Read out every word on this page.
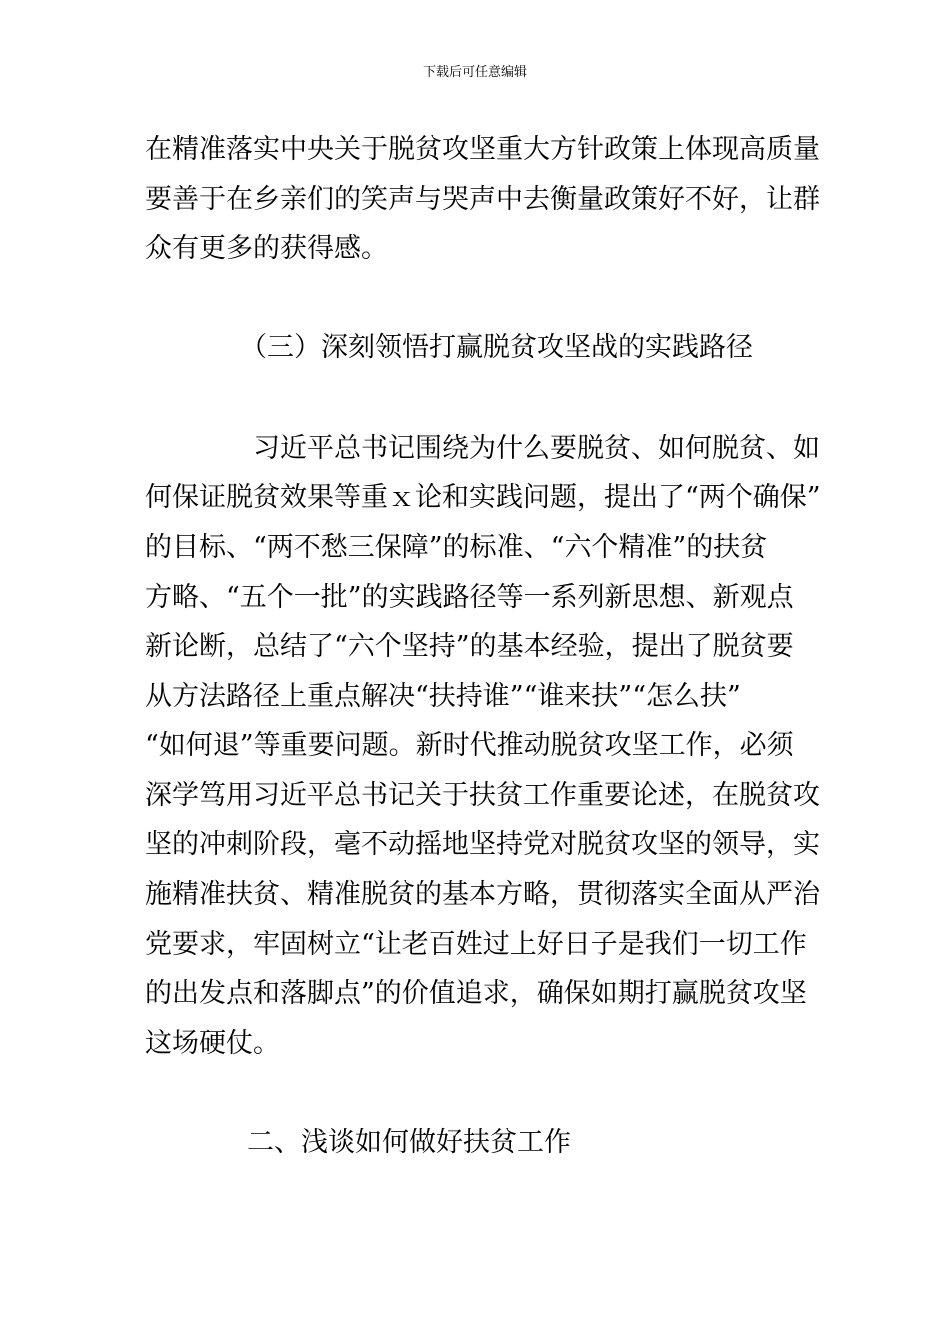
下载后可任意编辑
在精准落实中央关于脱贫攻坚重大方针政策上体现高质量
要善于在乡亲们的笑声与哭声中去衡量政策好不好，让群
众有更多的获得感。
（三）深刻领悟打赢脱贫攻坚战的实践路径
习近平总书记围绕为什么要脱贫、如何脱贫、如
何保证脱贫效果等重ｘ论和实践问题，提出了“两个确保”
的目标、“两不愁三保障”的标准、“六个精准”的扶贫
方略、“五个一批”的实践路径等一系列新思想、新观点
新论断，总结了“六个坚持”的基本经验，提出了脱贫要
从方法路径上重点解决“扶持谁”“谁来扶”“怎么扶”
“如何退”等重要问题。新时代推动脱贫攻坚工作，必须
深学笃用习近平总书记关于扶贫工作重要论述，在脱贫攻
坚的冲刺阶段，毫不动摇地坚持党对脱贫攻坚的领导，实
施精准扶贫、精准脱贫的基本方略，贯彻落实全面从严治
党要求，牢固树立“让老百姓过上好日子是我们一切工作
的出发点和落脚点”的价值追求，确保如期打赢脱贫攻坚
这场硬仗。
二、浅谈如何做好扶贫工作
